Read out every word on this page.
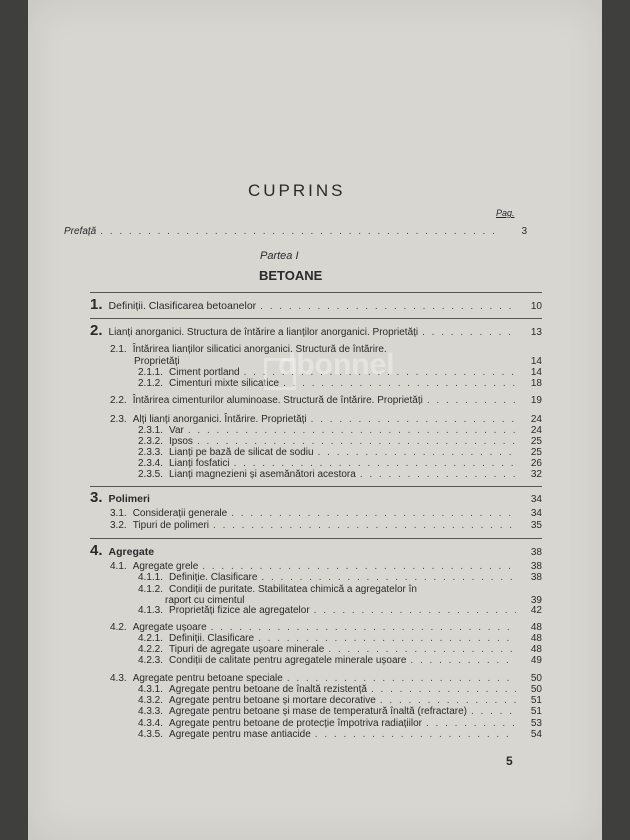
CUPRINS
Pag.
Prefață . . .	3
Partea I
BETOANE
1. Definiții. Clasificarea betoanelor . . .	10
2. Lianți anorganici. Structura de întărire a lianților anorganici. Proprietăți . . .	13
2.1. Întărirea lianților silicatici anorganici. Structură de întărire.
Proprietăți	14
2.1.1. Ciment portland . . .	14
2.1.2. Cimenturi mixte silicatice . . .	18
2.2. Întărirea cimenturilor aluminoase. Structură de întărire. Proprietăți . . .	19
2.3. Alți lianți anorganici. Întărire. Proprietăți . . .	24
2.3.1. Var . . .	24
2.3.2. Ipsos . . .	25
2.3.3. Lianți pe bază de silicat de sodiu . . .	25
2.3.4. Lianți fosfatici . . .	26
2.3.5. Lianți magnezieni și asemănători acestora . . .	32
3. Polimeri	34
3.1. Considerații generale . . .	34
3.2. Tipuri de polimeri . . .	35
4. Agregate	38
4.1. Agregate grele . . .	38
4.1.1. Definiție. Clasificare . . .	38
4.1.2. Condiții de puritate. Stabilitatea chimică a agregatelor în
raport cu cimentul	39
4.1.3. Proprietăți fizice ale agregatelor . . .	42
4.2. Agregate ușoare . . .	48
4.2.1. Definiții. Clasificare . . .	48
4.2.2. Tipuri de agregate ușoare minerale . . .	48
4.2.3. Condiții de calitate pentru agregatele minerale ușoare . . .	49
4.3. Agregate pentru betoane speciale . . .	50
4.3.1. Agregate pentru betoane de înaltă rezistență . . .	50
4.3.2. Agregate pentru betoane și mortare decorative . . .	51
4.3.3. Agregate pentru betoane și mase de temperatură înaltă (refractare) . . .	51
4.3.4. Agregate pentru betoane de protecție împotriva radiațiilor . . .	53
4.3.5. Agregate pentru mase antiacide . . .	54
5
dbonnel
